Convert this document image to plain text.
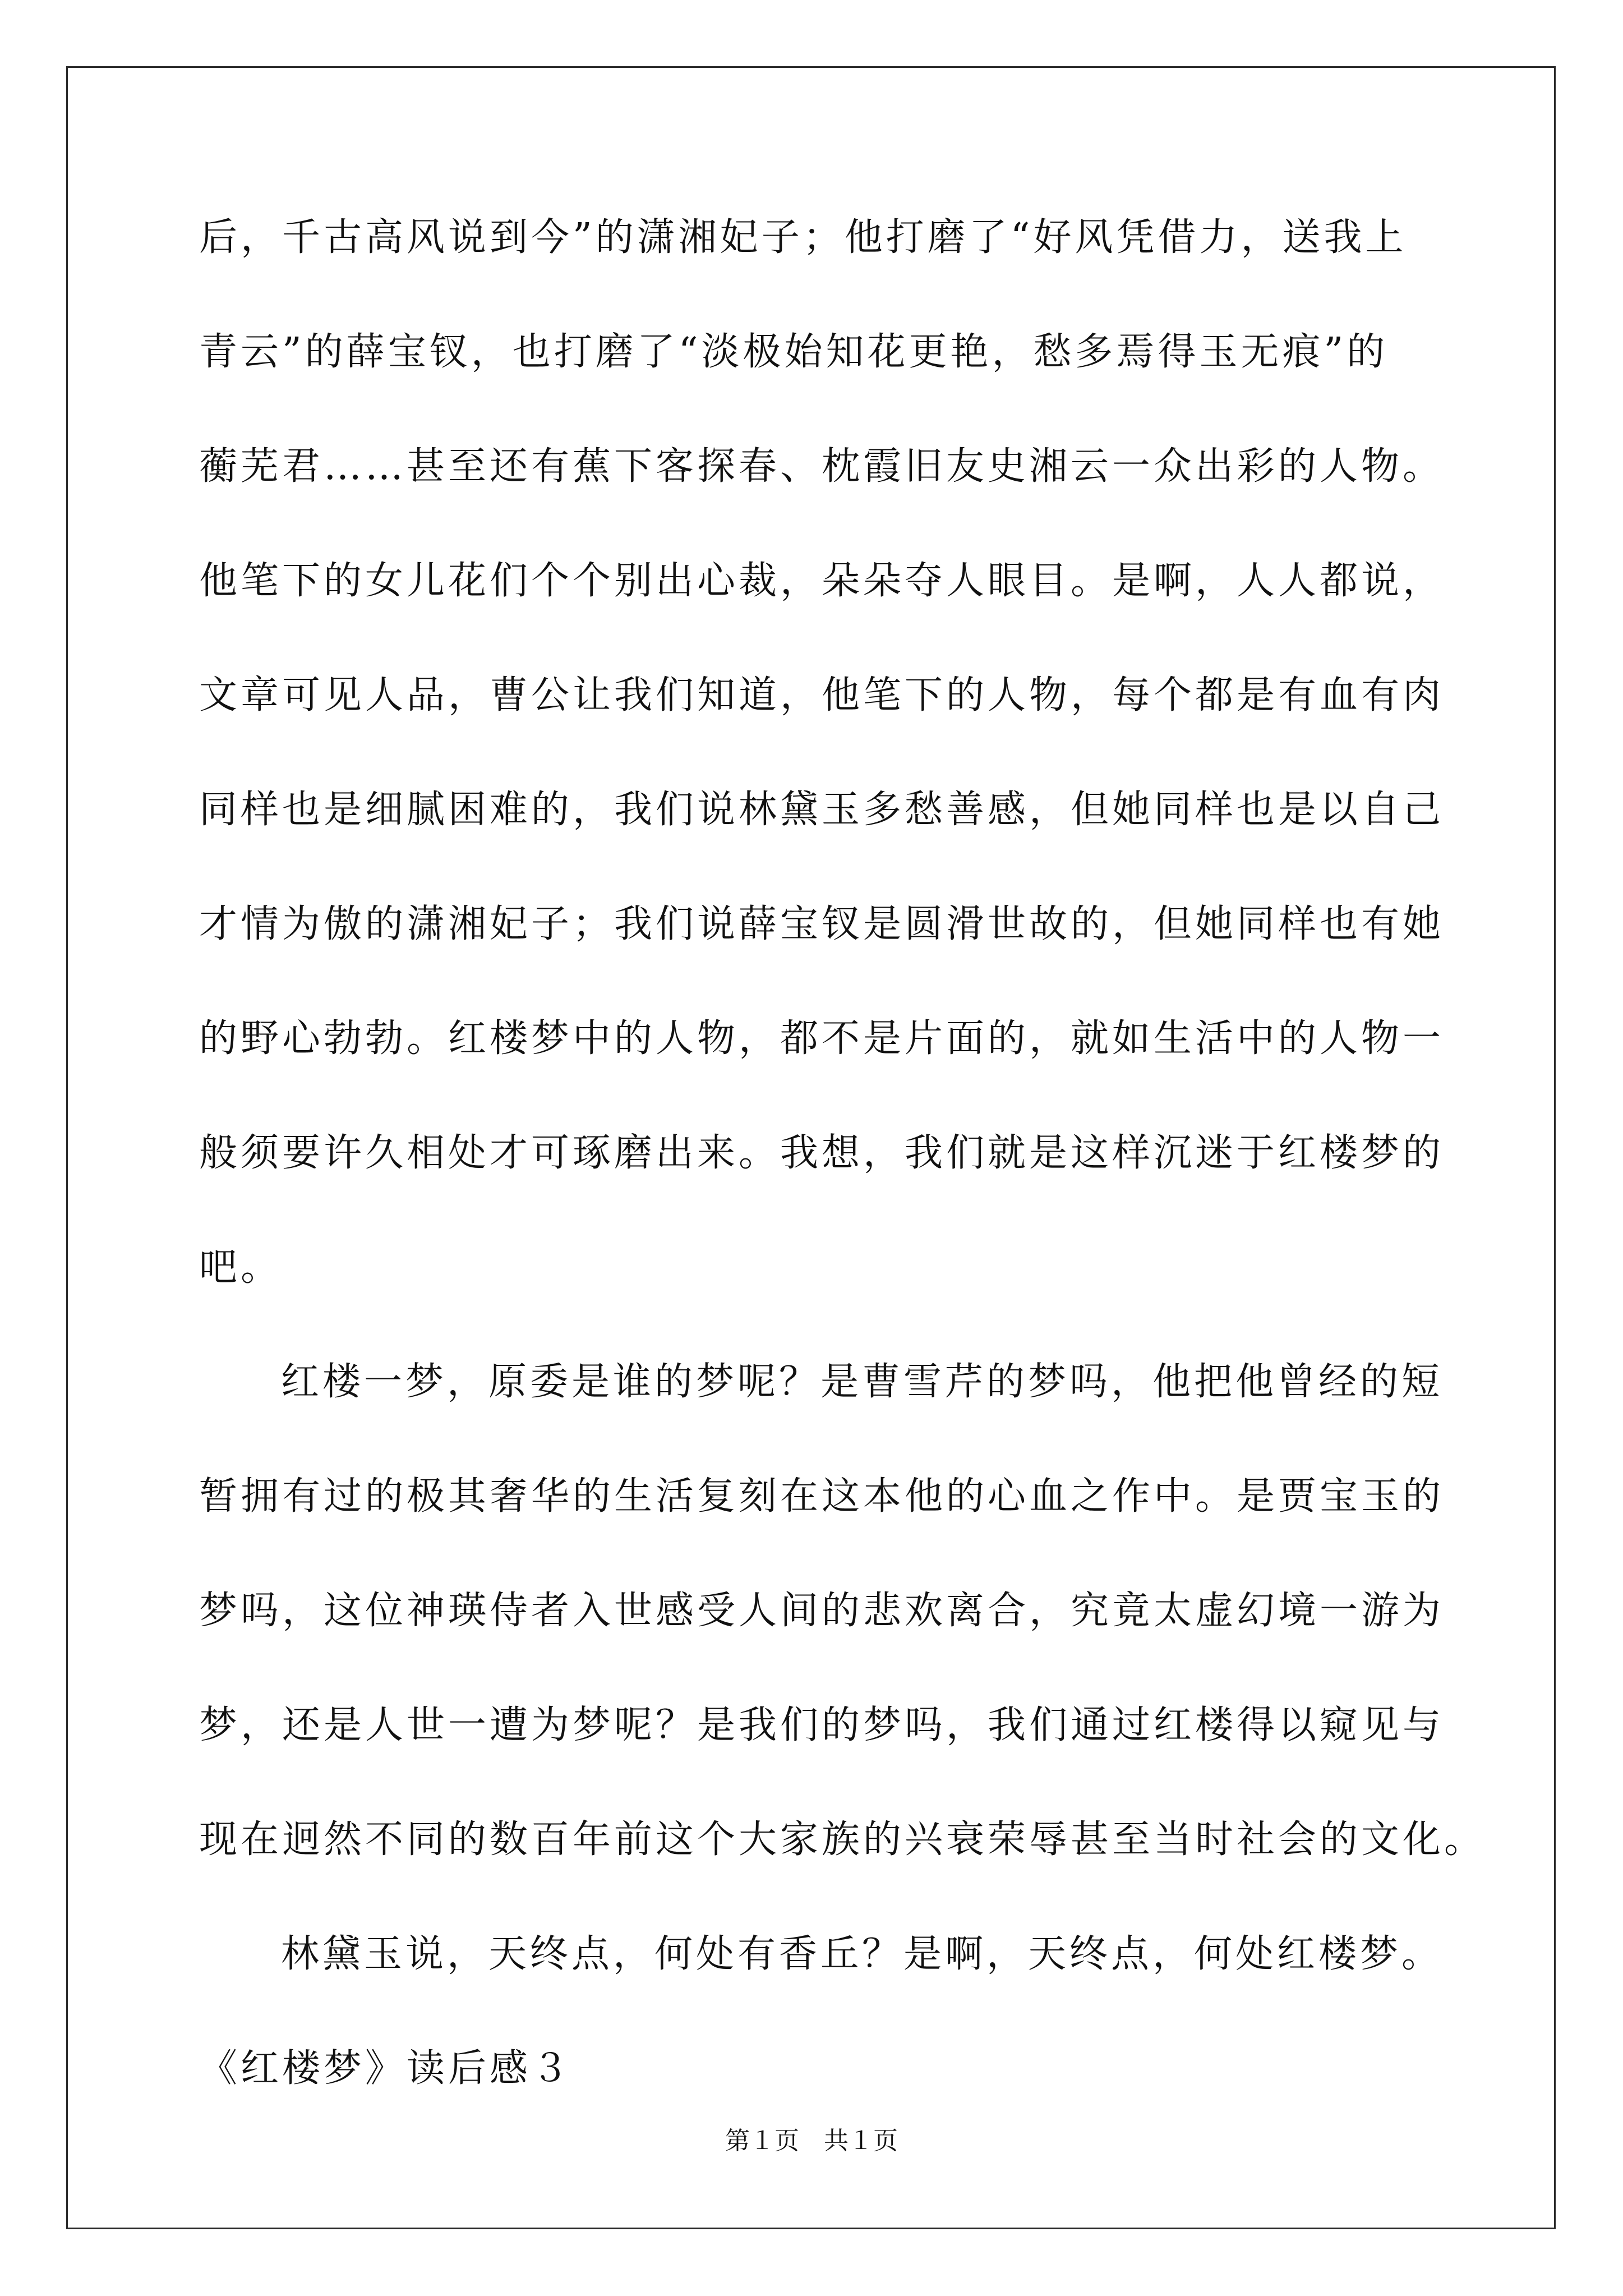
后，千古高风说到今”的潇湘妃子；他打磨了“好风凭借力，送我上
青云”的薛宝钗，也打磨了“淡极始知花更艳，愁多焉得玉无痕”的
蘅芜君……甚至还有蕉下客探春、枕霞旧友史湘云一众出彩的人物。
他笔下的女儿花们个个别出心裁，朵朵夺人眼目。是啊，人人都说，
文章可见人品，曹公让我们知道，他笔下的人物，每个都是有血有肉
同样也是细腻困难的，我们说林黛玉多愁善感，但她同样也是以自己
才情为傲的潇湘妃子；我们说薛宝钗是圆滑世故的，但她同样也有她
的野心勃勃。红楼梦中的人物，都不是片面的，就如生活中的人物一
般须要许久相处才可琢磨出来。我想，我们就是这样沉迷于红楼梦的
吧。
红楼一梦，原委是谁的梦呢？是曹雪芹的梦吗，他把他曾经的短
暂拥有过的极其奢华的生活复刻在这本他的心血之作中。是贾宝玉的
梦吗，这位神瑛侍者入世感受人间的悲欢离合，究竟太虚幻境一游为
梦，还是人世一遭为梦呢？是我们的梦吗，我们通过红楼得以窥见与
现在迥然不同的数百年前这个大家族的兴衰荣辱甚至当时社会的文化。
林黛玉说，天终点，何处有香丘？是啊，天终点，何处红楼梦。
《红楼梦》读后感３
第１页　共１页
